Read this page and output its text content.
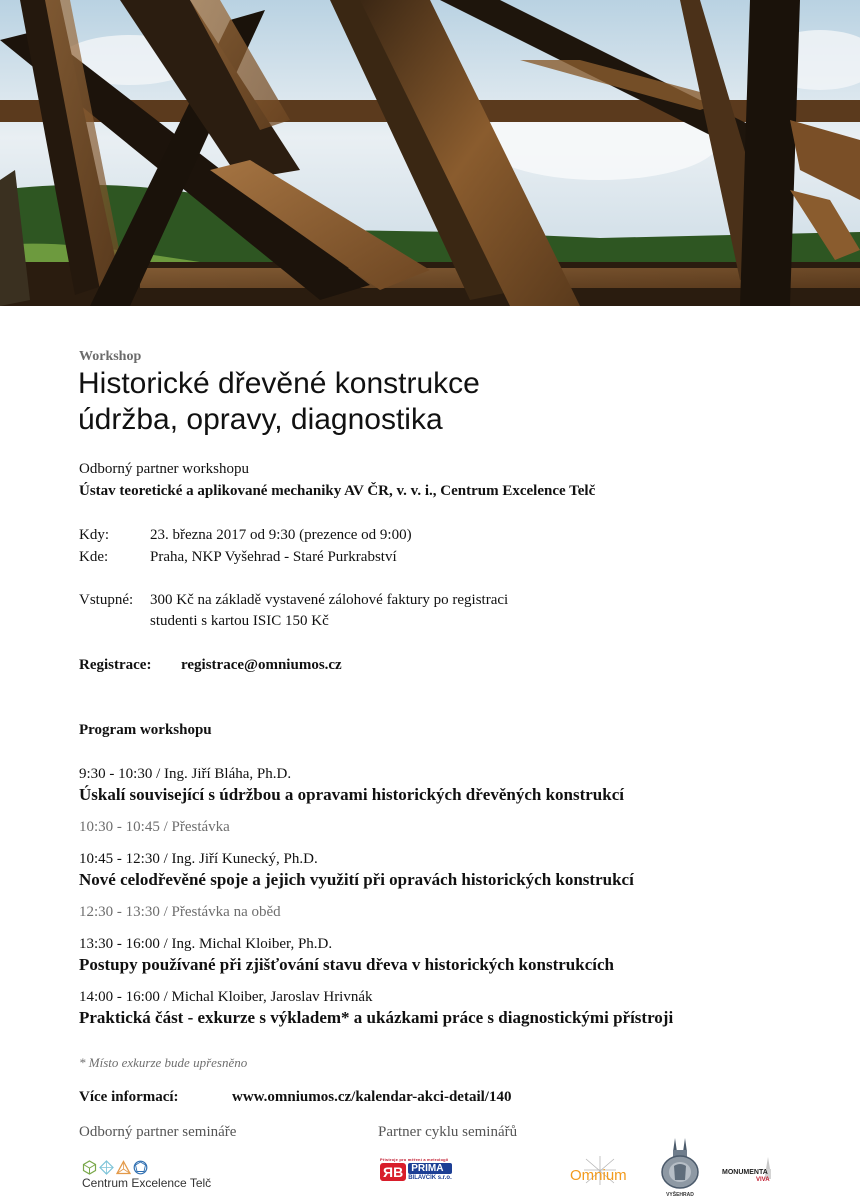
Workshop
Historické dřevěné konstrukce
údržba, opravy, diagnostika
Odborný partner workshopu
Ústav teoretické a aplikované mechaniky AV ČR, v. v. i., Centrum Excelence Telč
Kdy:	23. března 2017 od 9:30 (prezence od 9:00)
Kde:	Praha, NKP Vyšehrad - Staré Purkrabství
Vstupné:	300 Kč na základě vystavené zálohové faktury po registraci
studenti s kartou ISIC 150 Kč
Registrace:	registrace@omniumos.cz
Program workshopu
9:30 - 10:30 / Ing. Jiří Bláha, Ph.D.
Úskalí související s údržbou a opravami historických dřevěných konstrukcí
10:30 - 10:45 / Přestávka
10:45 - 12:30 / Ing. Jiří Kunecký, Ph.D.
Nové celodřevěné spoje a jejich využití při opravách historických konstrukcí
12:30 - 13:30 / Přestávka na oběd
13:30 - 16:00 / Ing. Michal Kloiber, Ph.D.
Postupy používané při zjišťování stavu dřeva v historických konstrukcích
14:00 - 16:00 / Michal Kloiber, Jaroslav Hrivnák
Praktická část - exkurze s výkladem* a ukázkami práce s diagnostickými přístroji
* Místo exkurze bude upřesněno
Více informací:	www.omniumos.cz/kalendar-akci-detail/140
Odborný partner semináře	Partner cyklu seminářů
Centrum Excelence Telč
Přístroje pro měření a metrologii
ЯB PRIMA
BILAVČÍK s.r.o.	Omnium
VYŠEHRAD
MONUMENTA
VIVA
